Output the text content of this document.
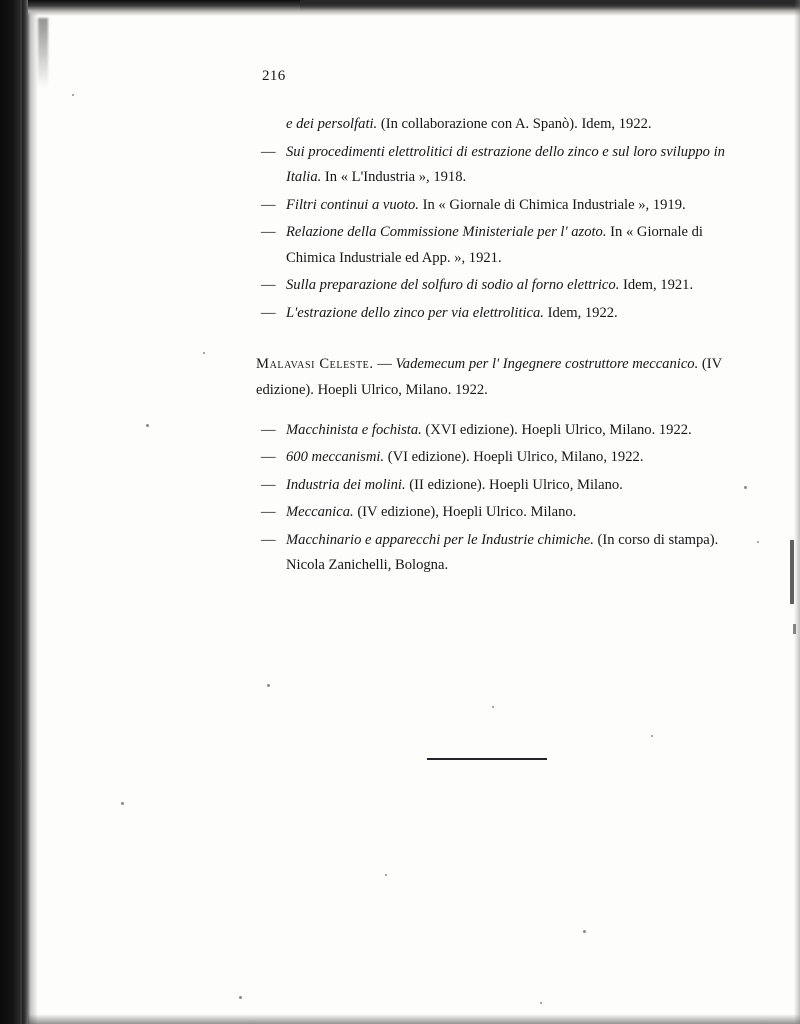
216

e dei persolfati. (In collaborazione con A. Spanò). Idem, 1922.

— Sui procedimenti elettrolitici di estrazione dello zinco e sul loro sviluppo in Italia. In « L'Industria », 1918.

— Filtri continui a vuoto. In « Giornale di Chimica Industriale », 1919.

— Relazione della Commissione Ministeriale per l' azoto. In « Giornale di Chimica Industriale ed App. », 1921.

— Sulla preparazione del solfuro di sodio al forno elettrico. Idem, 1921.

— L'estrazione dello zinco per via elettrolitica. Idem, 1922.

Malavasi Celeste. — Vademecum per l' Ingegnere costruttore meccanico. (IV edizione). Hoepli Ulrico, Milano. 1922.

— Macchinista e fochista. (XVI edizione). Hoepli Ulrico, Milano. 1922.

— 600 meccanismi. (VI edizione). Hoepli Ulrico, Milano, 1922.

— Industria dei molini. (II edizione). Hoepli Ulrico, Milano.

— Meccanica. (IV edizione), Hoepli Ulrico. Milano.

— Macchinario e apparecchi per le Industrie chimiche. (In corso di stampa). Nicola Zanichelli, Bologna.
